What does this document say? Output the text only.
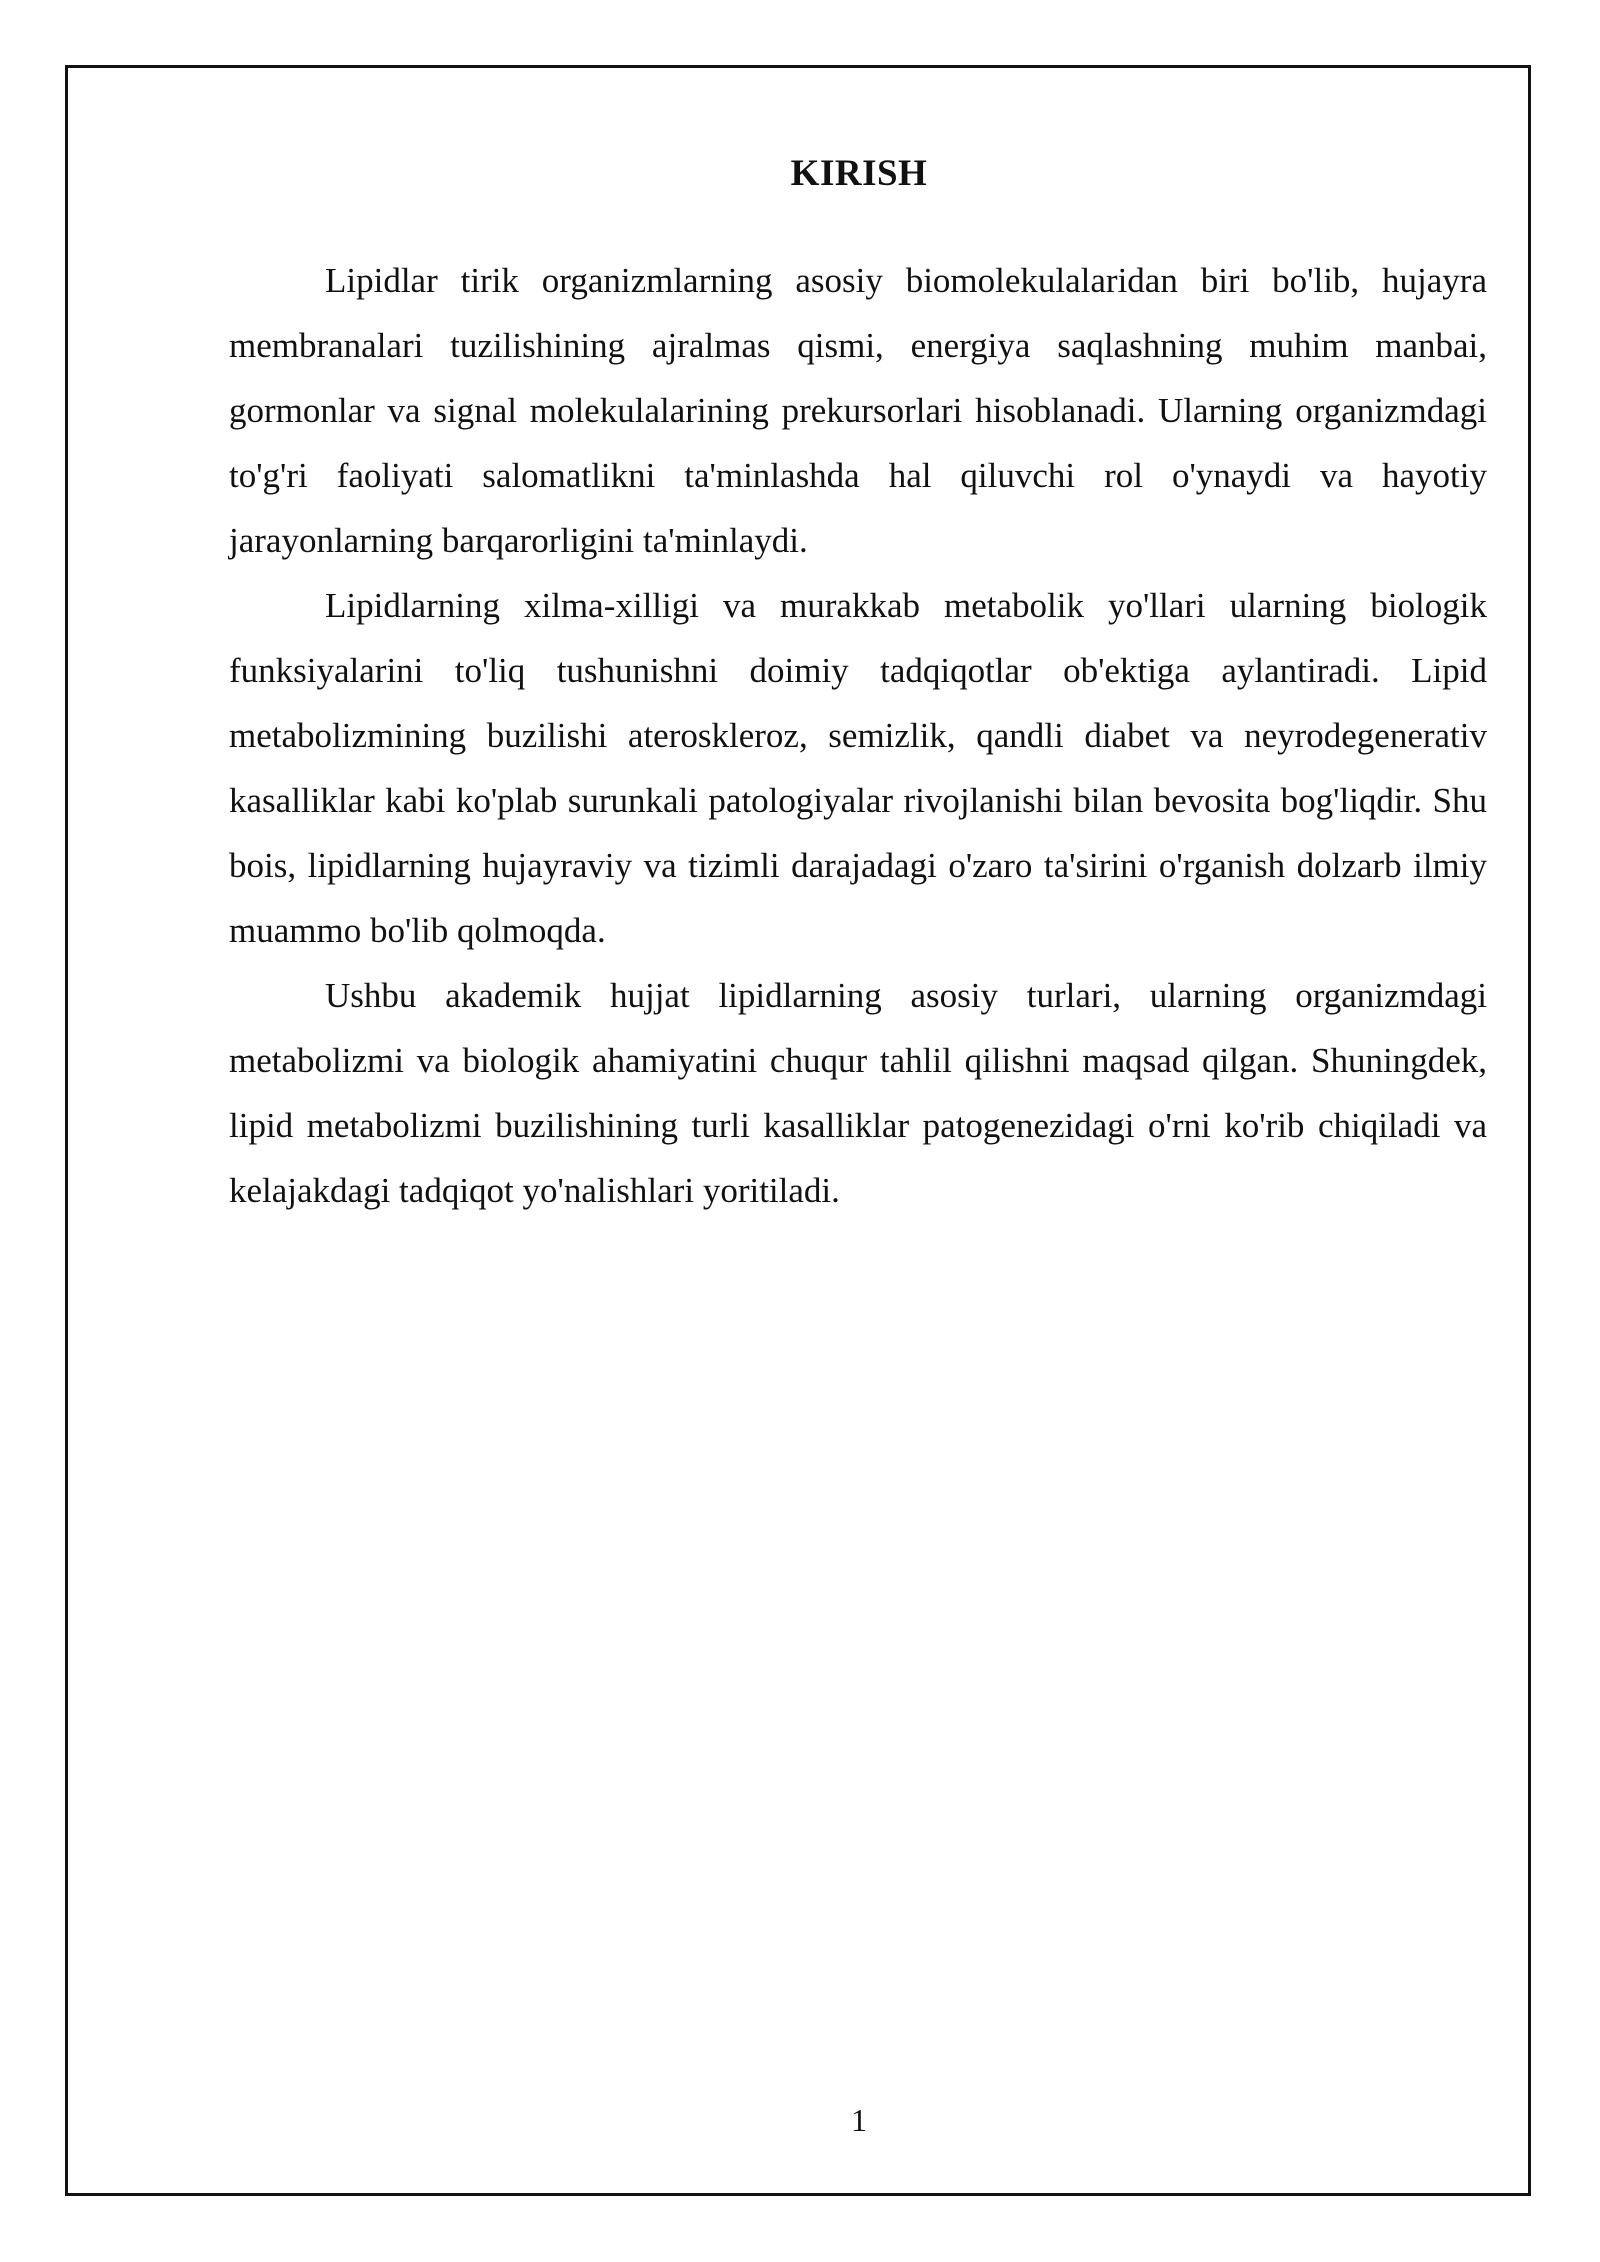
KIRISH

Lipidlar tirik organizmlarning asosiy biomolekulalaridan biri bo'lib, hujayra membranalari tuzilishining ajralmas qismi, energiya saqlashning muhim manbai, gormonlar va signal molekulalarining prekursorlari hisoblanadi. Ularning organizmdagi to'g'ri faoliyati salomatlikni ta'minlashda hal qiluvchi rol o'ynaydi va hayotiy jarayonlarning barqarorligini ta'minlaydi.

Lipidlarning xilma-xilligi va murakkab metabolik yo'llari ularning biologik funksiyalarini to'liq tushunishni doimiy tadqiqotlar ob'ektiga aylantiradi. Lipid metabolizmining buzilishi ateroskleroz, semizlik, qandli diabet va neyrodegenerativ kasalliklar kabi ko'plab surunkali patologiyalar rivojlanishi bilan bevosita bog'liqdir. Shu bois, lipidlarning hujayraviy va tizimli darajadagi o'zaro ta'sirini o'rganish dolzarb ilmiy muammo bo'lib qolmoqda.

Ushbu akademik hujjat lipidlarning asosiy turlari, ularning organizmdagi metabolizmi va biologik ahamiyatini chuqur tahlil qilishni maqsad qilgan. Shuningdek, lipid metabolizmi buzilishining turli kasalliklar patogenezidagi o'rni ko'rib chiqiladi va kelajakdagi tadqiqot yo'nalishlari yoritiladi.

1
